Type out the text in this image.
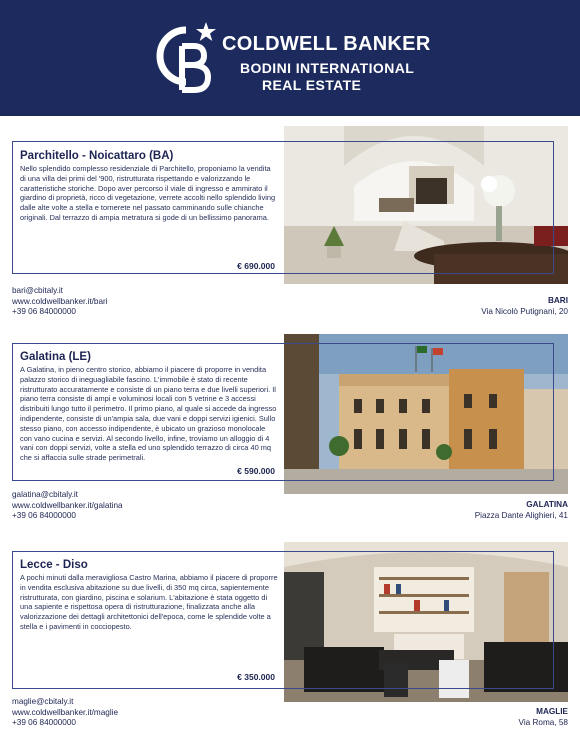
COLDWELL BANKER
BODINI INTERNATIONAL
REAL ESTATE
Parchitello - Noicattaro (BA)
Nello splendido complesso residenziale di Parchitello, proponiamo la vendita di una villa dei primi del '900, ristrutturata rispettando e valorizzando le caratteristiche storiche. Dopo aver percorso il viale di ingresso e ammirato il giardino di proprietà, ricco di vegetazione, verrete accolti nello splendido living dalle alte volte a stella e tornerete nel passato camminando sulle chianche originali. Dal terrazzo di ampia metratura si gode di un bellissimo panorama.
€ 690.000
bari@cbitaly.it
www.coldwellbanker.it/bari
+39 06 84000000
BARI
Via Nicolò Putignani, 20
Galatina (LE)
A Galatina, in pieno centro storico, abbiamo il piacere di proporre in vendita palazzo storico di ineguagliabile fascino. L'immobile è stato di recente ristrutturato accuratamente e consiste di un piano terra e due livelli superiori. Il piano terra consiste di ampi e voluminosi locali con 5 vetrine e 3 accessi distribuiti lungo tutto il perimetro. Il primo piano, al quale si accede da ingresso indipendente, consiste di un'ampia sala, due vani e doppi servizi igienici. Sullo stesso piano, con accesso indipendente, è ubicato un grazioso monolocale con vano cucina e servizi. Al secondo livello, infine, troviamo un alloggio di 4 vani con doppi servizi, volte a stella ed uno splendido terrazzo di circa 40 mq che si affaccia sulle strade perimetrali.
€ 590.000
galatina@cbitaly.it
www.coldwellbanker.it/galatina
+39 06 84000000
GALATINA
Piazza Dante Alighieri, 41
Lecce - Diso
A pochi minuti dalla meravigliosa Castro Marina, abbiamo il piacere di proporre in vendita esclusiva abitazione su due livelli, di 350 mq circa, sapientemente ristrutturata, con giardino, piscina e solarium. L'abitazione è stata oggetto di una sapiente e rispettosa opera di ristrutturazione, finalizzata anche alla valorizzazione dei dettagli architettonici dell'epoca, come le splendide volte a stella e i pavimenti in cocciopesto.
€ 350.000
maglie@cbitaly.it
www.coldwellbanker.it/maglie
+39 06 84000000
MAGLIE
Via Roma, 58
